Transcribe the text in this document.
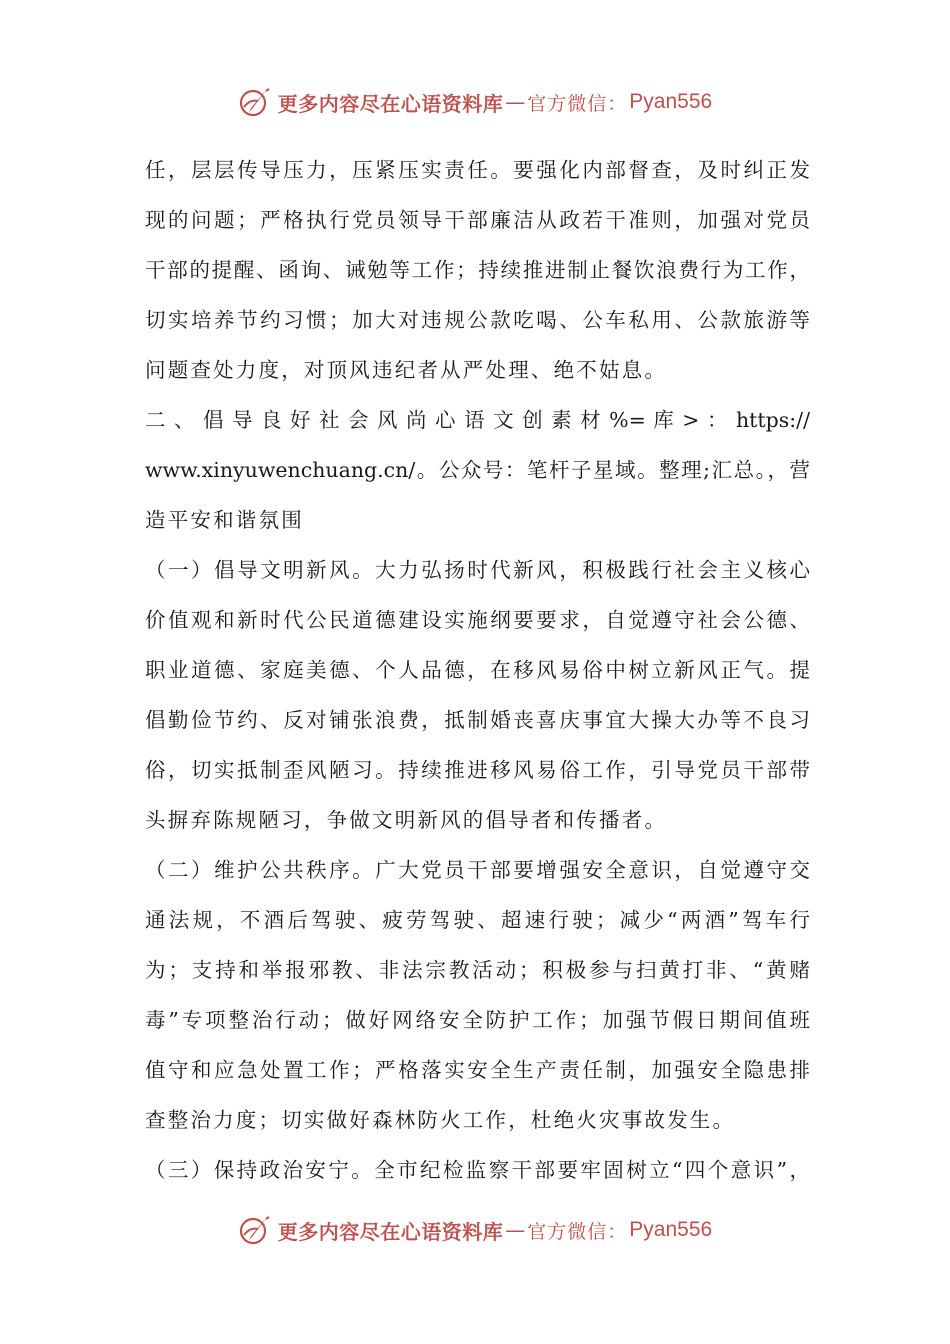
更多内容尽在心语资料库 — 官方微信： Pyan556
任，层层传导压力，压紧压实责任。要强化内部督查，及时纠正发
现的问题；严格执行党员领导干部廉洁从政若干准则，加强对党员
干部的提醒、函询、诫勉等工作；持续推进制止餐饮浪费行为工作，
切实培养节约习惯；加大对违规公款吃喝、公车私用、公款旅游等
问题查处力度，对顶风违纪者从严处理、绝不姑息。
二 、 倡 导 良 好 社 会 风 尚 心 语 文 创 素 材 %= 库 > ： https://
www.xinyuwenchuang.cn/。公众号：笔杆子星域。整理;汇总。，营
造平安和谐氛围
（一）倡导文明新风。大力弘扬时代新风，积极践行社会主义核心
价值观和新时代公民道德建设实施纲要要求，自觉遵守社会公德、
职业道德、家庭美德、个人品德，在移风易俗中树立新风正气。提
倡勤俭节约、反对铺张浪费，抵制婚丧喜庆事宜大操大办等不良习
俗，切实抵制歪风陋习。持续推进移风易俗工作，引导党员干部带
头摒弃陈规陋习，争做文明新风的倡导者和传播者。
（二）维护公共秩序。广大党员干部要增强安全意识，自觉遵守交
通法规，不酒后驾驶、疲劳驾驶、超速行驶；减少“两酒”驾车行
为；支持和举报邪教、非法宗教活动；积极参与扫黄打非、“黄赌
毒”专项整治行动；做好网络安全防护工作；加强节假日期间值班
值守和应急处置工作；严格落实安全生产责任制，加强安全隐患排
查整治力度；切实做好森林防火工作，杜绝火灾事故发生。
（三）保持政治安宁。全市纪检监察干部要牢固树立“四个意识”，
更多内容尽在心语资料库 — 官方微信： Pyan556
